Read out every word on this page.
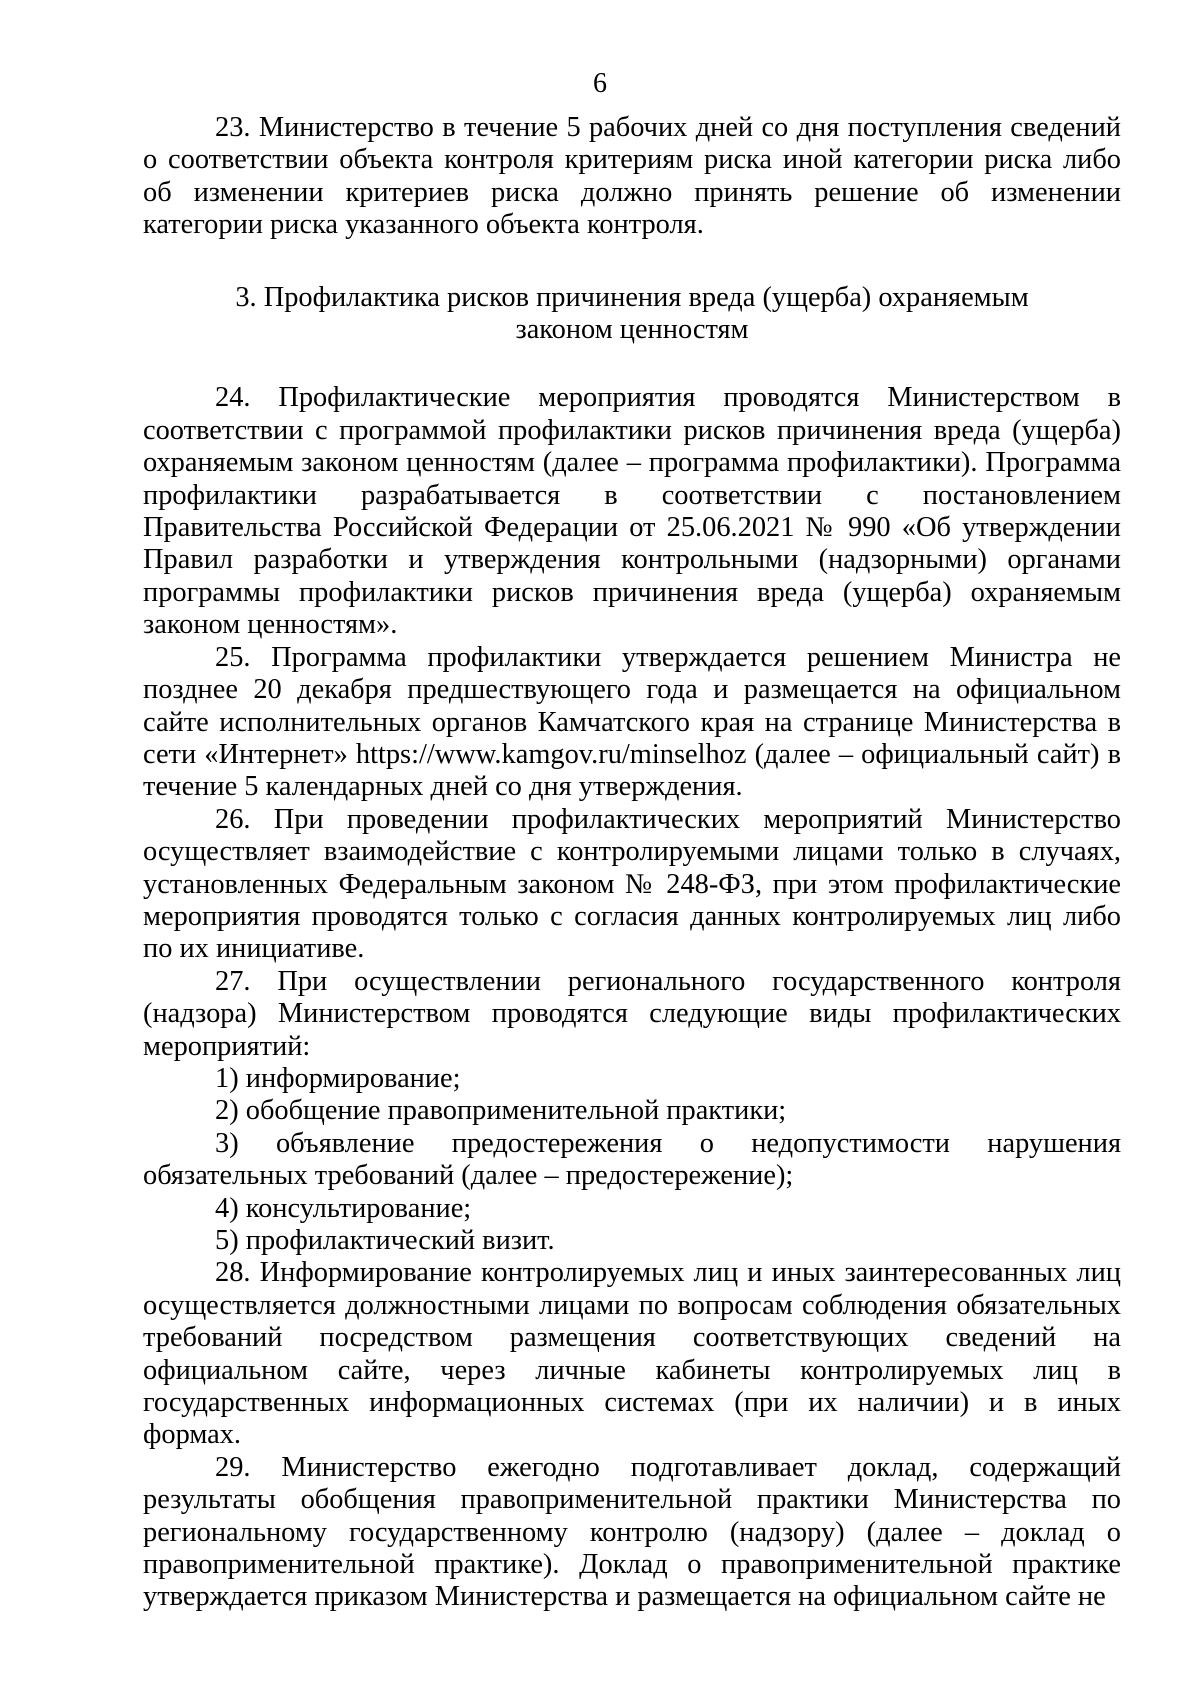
6

23. Министерство в течение 5 рабочих дней со дня поступления сведений о соответствии объекта контроля критериям риска иной категории риска либо об изменении критериев риска должно принять решение об изменении категории риска указанного объекта контроля.

3. Профилактика рисков причинения вреда (ущерба) охраняемым
законом ценностям

24. Профилактические мероприятия проводятся Министерством в соответствии с программой профилактики рисков причинения вреда (ущерба) охраняемым законом ценностям (далее – программа профилактики). Программа профилактики разрабатывается в соответствии с постановлением Правительства Российской Федерации от 25.06.2021 № 990 «Об утверждении Правил разработки и утверждения контрольными (надзорными) органами программы профилактики рисков причинения вреда (ущерба) охраняемым законом ценностям».

25. Программа профилактики утверждается решением Министра не позднее 20 декабря предшествующего года и размещается на официальном сайте исполнительных органов Камчатского края на странице Министерства в сети «Интернет» https://www.kamgov.ru/minselhoz (далее – официальный сайт) в течение 5 календарных дней со дня утверждения.

26. При проведении профилактических мероприятий Министерство осуществляет взаимодействие с контролируемыми лицами только в случаях, установленных Федеральным законом № 248-ФЗ, при этом профилактические мероприятия проводятся только с согласия данных контролируемых лиц либо по их инициативе.

27. При осуществлении регионального государственного контроля (надзора) Министерством проводятся следующие виды профилактических мероприятий:

1) информирование;

2) обобщение правоприменительной практики;

3) объявление предостережения о недопустимости нарушения обязательных требований (далее – предостережение);

4) консультирование;

5) профилактический визит.

28. Информирование контролируемых лиц и иных заинтересованных лиц осуществляется должностными лицами по вопросам соблюдения обязательных требований посредством размещения соответствующих сведений на официальном сайте, через личные кабинеты контролируемых лиц в государственных информационных системах (при их наличии) и в иных формах.

29. Министерство ежегодно подготавливает доклад, содержащий результаты обобщения правоприменительной практики Министерства по региональному государственному контролю (надзору) (далее – доклад о правоприменительной практике). Доклад о правоприменительной практике утверждается приказом Министерства и размещается на официальном сайте не
